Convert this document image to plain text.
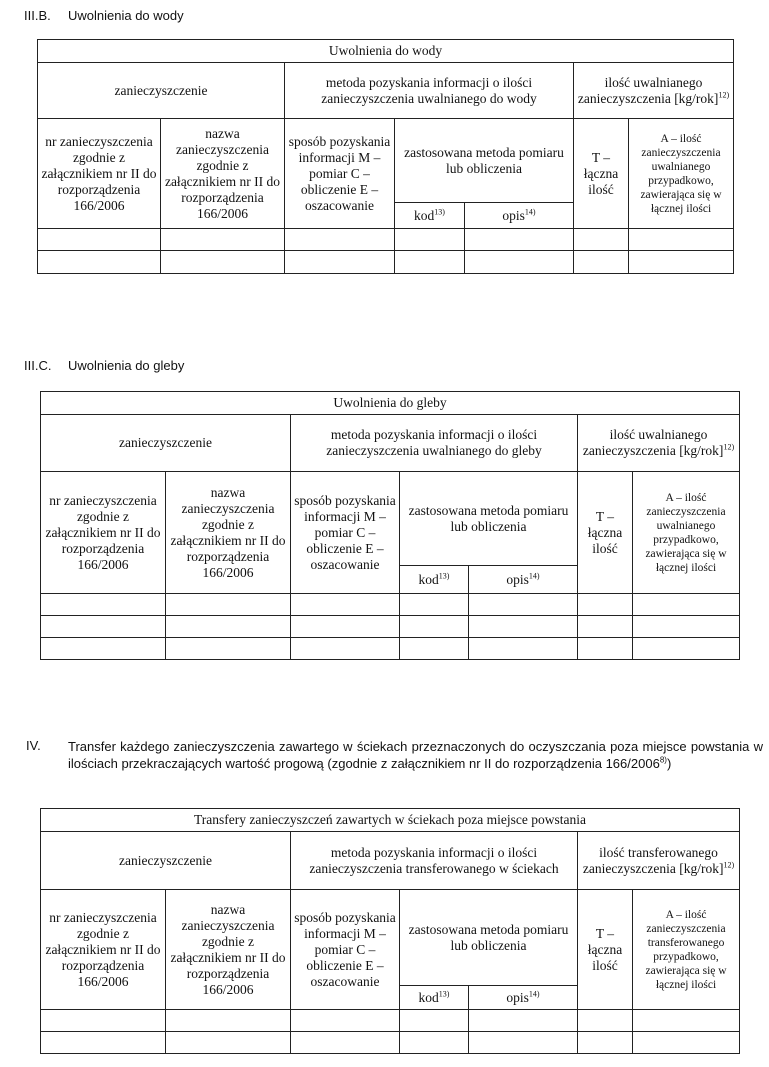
III.B. Uwolnienia do wody
Uwolnienia do wody						
zanieczyszczenie		metoda pozyskania informacji o ilości zanieczyszczenia uwalnianego do wody			ilość uwalnianego zanieczyszczenia $[kg/rok]^{12)}$
nr zanieczyszczenia zgodnie z załącznikiem nr II do rozporządzenia 166/2006	nazwa zanieczyszczenia zgodnie z załącznikiem nr II do rozporządzenia 166/2006	sposób pozyskania informacji M – pomiar C – obliczenie E – oszacowanie	zastosowana metoda pomiaru lub obliczenia		T – łączna ilość	A – ilość zanieczyszczenia uwalnianego przypadkowo, zawierająca się w łącznej ilości
			kod$^{13)}$	opis$^{14)}$

III.C. Uwolnienia do gleby
Uwolnienia do gleby						
zanieczyszczenie		metoda pozyskania informacji o ilości zanieczyszczenia uwalnianego do gleby			ilość uwalnianego zanieczyszczenia $[kg/rok]^{12)}$
nr zanieczyszczenia zgodnie z załącznikiem nr II do rozporządzenia 166/2006	nazwa zanieczyszczenia zgodnie z załącznikiem nr II do rozporządzenia 166/2006	sposób pozyskania informacji M – pomiar C – obliczenie E – oszacowanie	zastosowana metoda pomiaru lub obliczenia		T – łączna ilość	A – ilość zanieczyszczenia uwalnianego przypadkowo, zawierająca się w łącznej ilości
			kod$^{13)}$	opis$^{14)}$

IV. Transfer każdego zanieczyszczenia zawartego w ściekach przeznaczonych do oczyszczania poza miejsce powstania w ilościach przekraczających wartość progową (zgodnie z załącznikiem nr II do rozporządzenia 166/2006$^{8)}$)
Transfery zanieczyszczeń zawartych w ściekach poza miejsce powstania						
zanieczyszczenie		metoda pozyskania informacji o ilości zanieczyszczenia transferowanego w ściekach			ilość transferowanego zanieczyszczenia $[kg/rok]^{12)}$
nr zanieczyszczenia zgodnie z załącznikiem nr II do rozporządzenia 166/2006	nazwa zanieczyszczenia zgodnie z załącznikiem nr II do rozporządzenia 166/2006	sposób pozyskania informacji M – pomiar C – obliczenie E – oszacowanie	zastosowana metoda pomiaru lub obliczenia		T – łączna ilość	A – ilość zanieczyszczenia transferowanego przypadkowo, zawierająca się w łącznej ilości
			kod$^{13)}$	opis$^{14)}$
